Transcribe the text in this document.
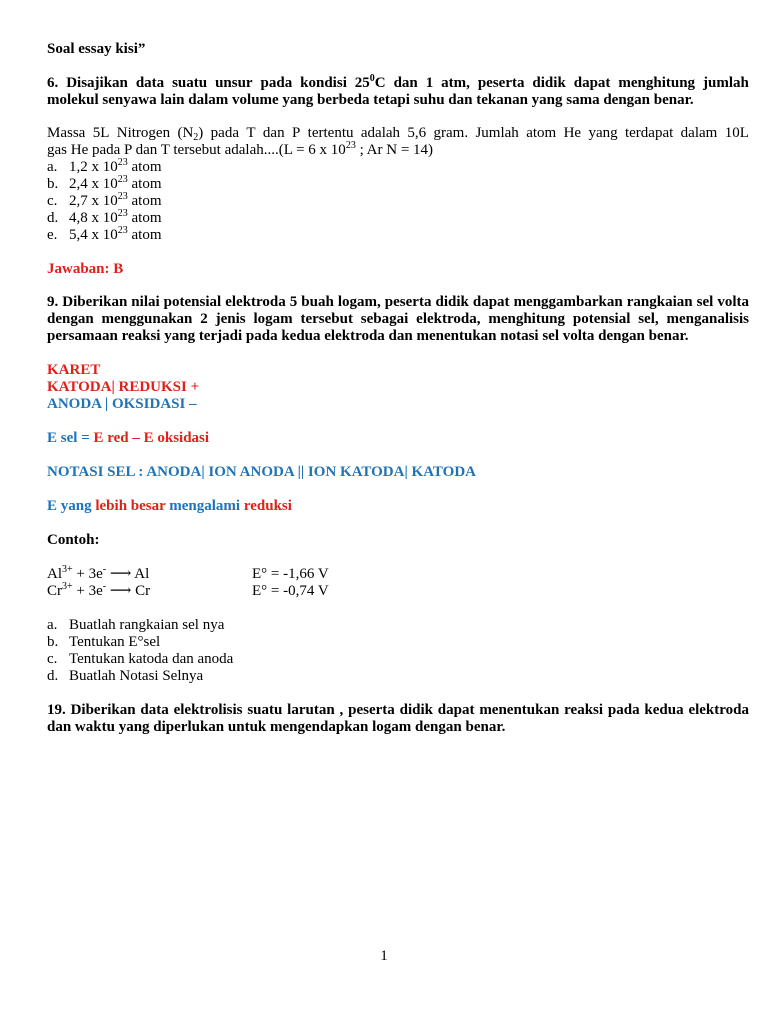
Soal essay kisi”
6. Disajikan data suatu unsur pada kondisi $25^0C$ dan 1 atm, peserta didik dapat menghitung jumlah
molekul senyawa lain dalam volume yang berbeda tetapi suhu dan tekanan yang sama dengan benar.
Massa 5L Nitrogen $(N_2)$ pada T dan P tertentu adalah 5,6 gram. Jumlah atom He yang terdapat dalam 10L
gas He pada P dan T tersebut adalah....(L = 6 x $10^{23}$ ; Ar N = 14)
a. 1,2 x $10^{23}$ atom
b. 2,4 x $10^{23}$ atom
c. 2,7 x $10^{23}$ atom
d. 4,8 x $10^{23}$ atom
e. 5,4 x $10^{23}$ atom
Jawaban: B
9. Diberikan nilai potensial elektroda 5 buah logam, peserta didik dapat menggambarkan rangkaian sel volta dengan menggunakan 2 jenis logam tersebut sebagai elektroda, menghitung potensial sel, menganalisis persamaan reaksi yang terjadi pada kedua elektroda dan menentukan notasi sel volta dengan benar.
KARET
KATODA| REDUKSI +
ANODA | OKSIDASI –
E sel = E red – E oksidasi
NOTASI SEL : ANODA| ION ANODA || ION KATODA| KATODA
E yang lebih besar mengalami reduksi
Contoh:
$Al^{3+} + 3e^-$ ⟶ Al	E° = -1,66 V
$Cr^{3+} + 3e^-$ ⟶ Cr	E° = -0,74 V
a. Buatlah rangkaian sel nya
b. Tentukan E°sel
c. Tentukan katoda dan anoda
d. Buatlah Notasi Selnya
19. Diberikan data elektrolisis suatu larutan , peserta didik dapat menentukan reaksi pada kedua elektroda dan waktu yang diperlukan untuk mengendapkan logam dengan benar.
1
